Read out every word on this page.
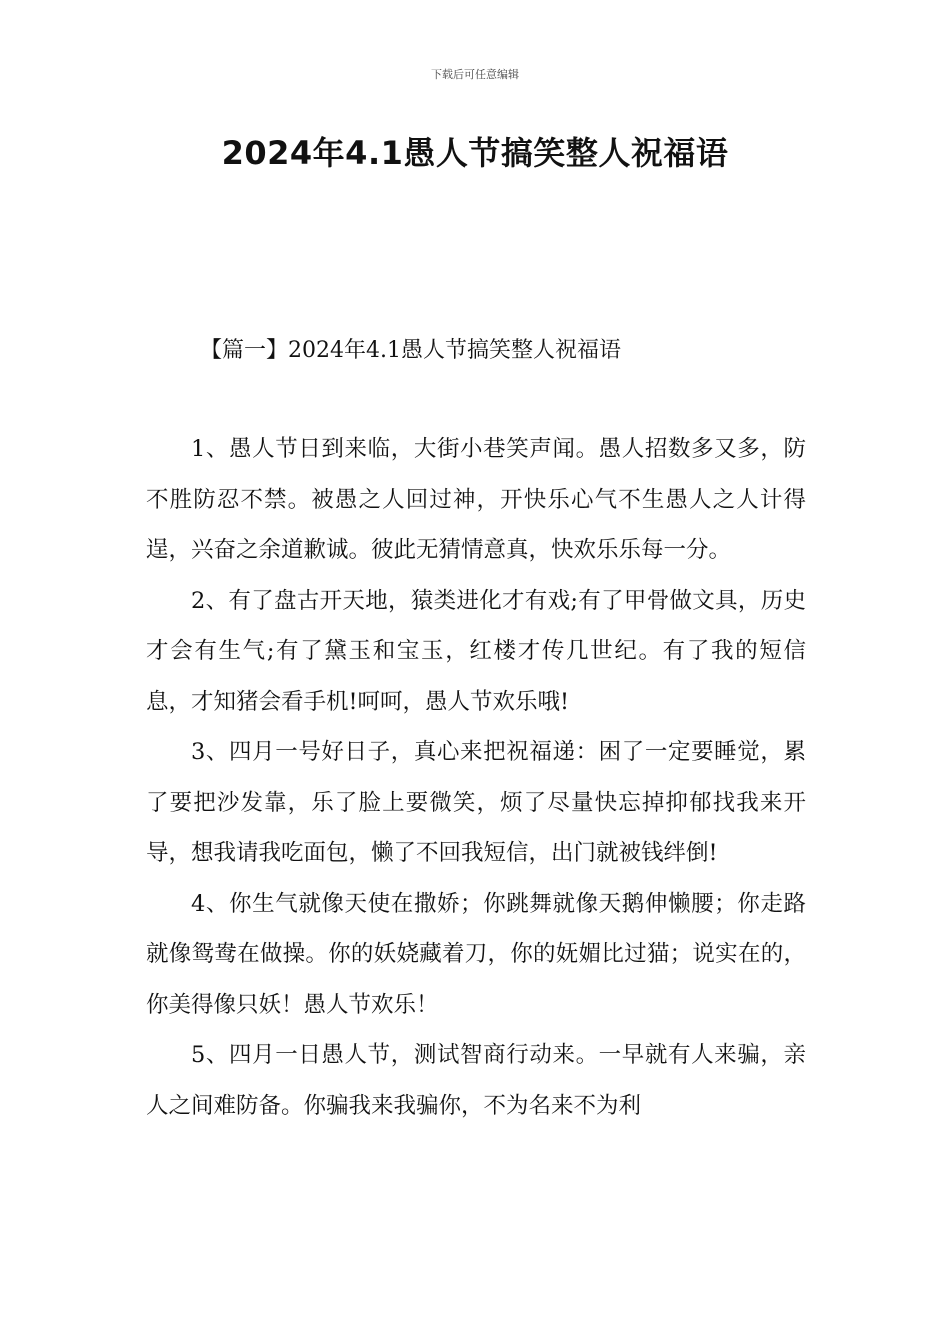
下载后可任意编辑
2024年4.1愚人节搞笑整人祝福语
【篇一】2024年4.1愚人节搞笑整人祝福语

1、愚人节日到来临，大街小巷笑声闻。愚人招数多又多，防不胜防忍不禁。被愚之人回过神，开快乐心气不生愚人之人计得逞，兴奋之余道歉诚。彼此无猜情意真，快欢乐乐每一分。

2、有了盘古开天地，猿类进化才有戏;有了甲骨做文具，历史才会有生气;有了黛玉和宝玉，红楼才传几世纪。有了我的短信息，才知猪会看手机!呵呵，愚人节欢乐哦!

3、四月一号好日子，真心来把祝福递：困了一定要睡觉，累了要把沙发靠，乐了脸上要微笑，烦了尽量快忘掉抑郁找我来开导，想我请我吃面包，懒了不回我短信，出门就被钱绊倒!

4、你生气就像天使在撒娇；你跳舞就像天鹅伸懒腰；你走路就像鸳鸯在做操。你的妖娆藏着刀，你的妩媚比过猫；说实在的，你美得像只妖！愚人节欢乐！

5、四月一日愚人节，测试智商行动来。一早就有人来骗，亲人之间难防备。你骗我来我骗你，不为名来不为利
